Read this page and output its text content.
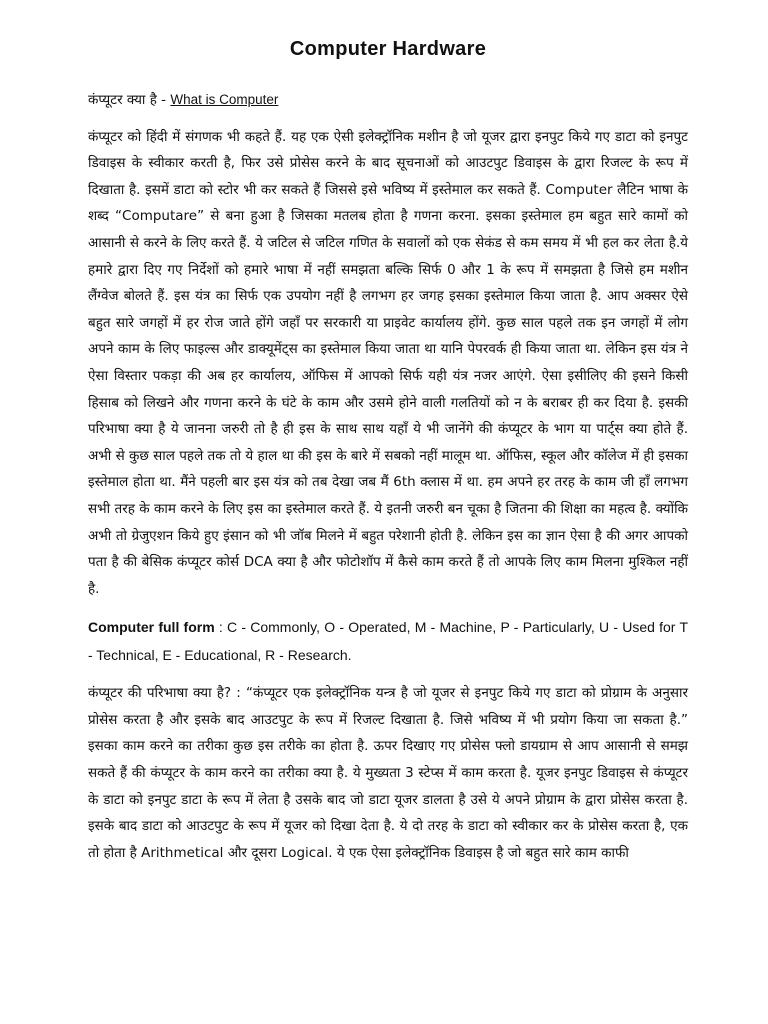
Computer Hardware

कंप्यूटर क्या है - What is Computer

कंप्यूटर को हिंदी में संगणक भी कहते हैं. यह एक ऐसी इलेक्ट्रॉनिक मशीन है जो यूजर द्वारा इनपुट किये गए डाटा को इनपुट डिवाइस के स्वीकार करती है, फिर उसे प्रोसेस करने के बाद सूचनाओं को आउटपुट डिवाइस के द्वारा रिजल्ट के रूप में दिखाता है. इसमें डाटा को स्टोर भी कर सकते हैं जिससे इसे भविष्य में इस्तेमाल कर सकते हैं. Computer लैटिन भाषा के शब्द “Computare” से बना हुआ है जिसका मतलब होता है गणना करना. इसका इस्तेमाल हम बहुत सारे कामों को आसानी से करने के लिए करते हैं. ये जटिल से जटिल गणित के सवालों को एक सेकंड से कम समय में भी हल कर लेता है.ये हमारे द्वारा दिए गए निर्देशों को हमारे भाषा में नहीं समझता बल्कि सिर्फ 0 और 1 के रूप में समझता है जिसे हम मशीन लैंग्वेज बोलते हैं. इस यंत्र का सिर्फ एक उपयोग नहीं है लगभग हर जगह इसका इस्तेमाल किया जाता है. आप अक्सर ऐसे बहुत सारे जगहों में हर रोज जाते होंगे जहाँ पर सरकारी या प्राइवेट कार्यालय होंगे. कुछ साल पहले तक इन जगहों में लोग अपने काम के लिए फाइल्स और डाक्यूमेंट्स का इस्तेमाल किया जाता था यानि पेपरवर्क ही किया जाता था. लेकिन इस यंत्र ने ऐसा विस्तार पकड़ा की अब हर कार्यालय, ऑफिस में आपको सिर्फ यही यंत्र नजर आएंगे. ऐसा इसीलिए की इसने किसी हिसाब को लिखने और गणना करने के घंटे के काम और उसमे होने वाली गलतियों को न के बराबर ही कर दिया है. इसकी परिभाषा क्या है ये जानना जरुरी तो है ही इस के साथ साथ यहाँ ये भी जानेंगे की कंप्यूटर के भाग या पार्ट्स क्या होते हैं. अभी से कुछ साल पहले तक तो ये हाल था की इस के बारे में सबको नहीं मालूम था. ऑफिस, स्कूल और कॉलेज में ही इसका इस्तेमाल होता था. मैंने पहली बार इस यंत्र को तब देखा जब मैं 6th क्लास में था. हम अपने हर तरह के काम जी हाँ लगभग सभी तरह के काम करने के लिए इस का इस्तेमाल करते हैं. ये इतनी जरुरी बन चूका है जितना की शिक्षा का महत्व है. क्योंकि अभी तो ग्रेजुएशन किये हुए इंसान को भी जॉब मिलने में बहुत परेशानी होती है. लेकिन इस का ज्ञान ऐसा है की अगर आपको पता है की बेसिक कंप्यूटर कोर्स DCA क्या है और फोटोशॉप में कैसे काम करते हैं तो आपके लिए काम मिलना मुश्किल नहीं है.

Computer full form : C - Commonly, O - Operated, M - Machine, P - Particularly, U - Used for T - Technical, E - Educational, R - Research.

कंप्यूटर की परिभाषा क्या है? : “कंप्यूटर एक इलेक्ट्रॉनिक यन्त्र है जो यूजर से इनपुट किये गए डाटा को प्रोग्राम के अनुसार प्रोसेस करता है और इसके बाद आउटपुट के रूप में रिजल्ट दिखाता है. जिसे भविष्य में भी प्रयोग किया जा सकता है.” इसका काम करने का तरीका कुछ इस तरीके का होता है. ऊपर दिखाए गए प्रोसेस फ्लो डायग्राम से आप आसानी से समझ सकते हैं की कंप्यूटर के काम करने का तरीका क्या है. ये मुख्यता 3 स्टेप्स में काम करता है. यूजर इनपुट डिवाइस से कंप्यूटर के डाटा को इनपुट डाटा के रूप में लेता है उसके बाद जो डाटा यूजर डालता है उसे ये अपने प्रोग्राम के द्वारा प्रोसेस करता है. इसके बाद डाटा को आउटपुट के रूप में यूजर को दिखा देता है. ये दो तरह के डाटा को स्वीकार कर के प्रोसेस करता है, एक तो होता है Arithmetical और दूसरा Logical. ये एक ऐसा इलेक्ट्रॉनिक डिवाइस है जो बहुत सारे काम काफी
